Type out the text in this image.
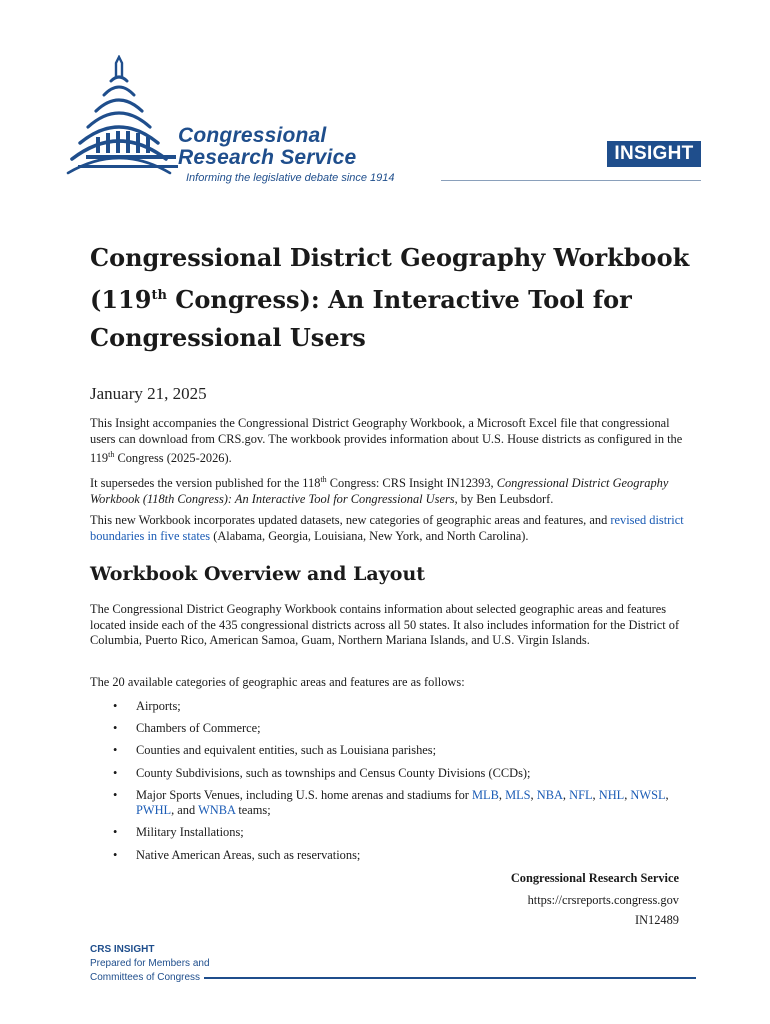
Congressional
Research Service
Informing the legislative debate since 1914
INSIGHT
Congressional District Geography Workbook
(119th Congress): An Interactive Tool for
Congressional Users
January 21, 2025
This Insight accompanies the Congressional District Geography Workbook, a Microsoft Excel file that congressional users can download from CRS.gov. The workbook provides information about U.S. House districts as configured in the 119th Congress (2025-2026).
It supersedes the version published for the 118th Congress: CRS Insight IN12393, Congressional District Geography Workbook (118th Congress): An Interactive Tool for Congressional Users, by Ben Leubsdorf.
This new Workbook incorporates updated datasets, new categories of geographic areas and features, and revised district boundaries in five states (Alabama, Georgia, Louisiana, New York, and North Carolina).
Workbook Overview and Layout
The Congressional District Geography Workbook contains information about selected geographic areas and features located inside each of the 435 congressional districts across all 50 states. It also includes information for the District of Columbia, Puerto Rico, American Samoa, Guam, Northern Mariana Islands, and U.S. Virgin Islands.
The 20 available categories of geographic areas and features are as follows:
• Airports;
• Chambers of Commerce;
• Counties and equivalent entities, such as Louisiana parishes;
• County Subdivisions, such as townships and Census County Divisions (CCDs);
• Major Sports Venues, including U.S. home arenas and stadiums for MLB, MLS, NBA, NFL, NHL, NWSL, PWHL, and WNBA teams;
• Military Installations;
• Native American Areas, such as reservations;
Congressional Research Service
https://crsreports.congress.gov
IN12489
CRS INSIGHT
Prepared for Members and
Committees of Congress
